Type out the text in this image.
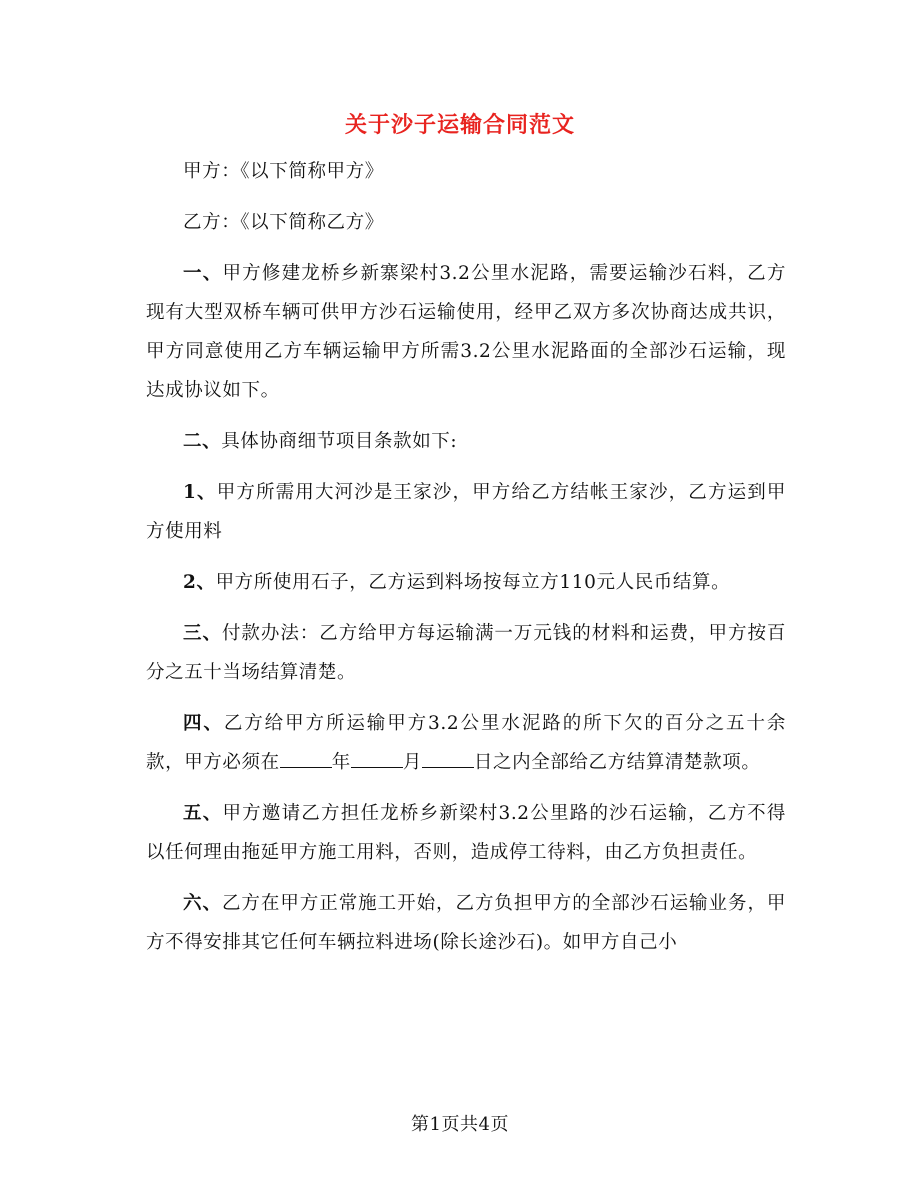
关于沙子运输合同范文

甲方：《以下简称甲方》

乙方：《以下简称乙方》

一、甲方修建龙桥乡新寨梁村3.2公里水泥路，需要运输沙石料，乙方现有大型双桥车辆可供甲方沙石运输使用，经甲乙双方多次协商达成共识，甲方同意使用乙方车辆运输甲方所需3.2公里水泥路面的全部沙石运输，现达成协议如下。

二、具体协商细节项目条款如下:

1、甲方所需用大河沙是王家沙，甲方给乙方结帐王家沙，乙方运到甲方使用料

2、甲方所使用石子，乙方运到料场按每立方110元人民币结算。

三、付款办法：乙方给甲方每运输满一万元钱的材料和运费，甲方按百分之五十当场结算清楚。

四、乙方给甲方所运输甲方3.2公里水泥路的所下欠的百分之五十余款，甲方必须在	年	月	日之内全部给乙方结算清楚款项。

五、甲方邀请乙方担任龙桥乡新梁村3.2公里路的沙石运输，乙方不得以任何理由拖延甲方施工用料，否则，造成停工待料，由乙方负担责任。

六、乙方在甲方正常施工开始，乙方负担甲方的全部沙石运输业务，甲方不得安排其它任何车辆拉料进场(除长途沙石)。如甲方自己小

第1页共4页
